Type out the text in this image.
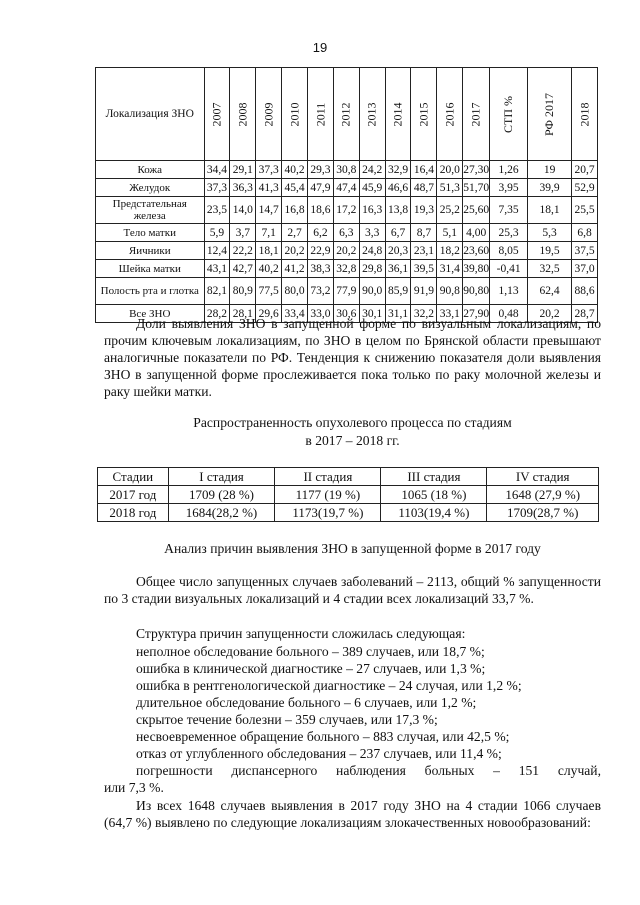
19
Локализация ЗНО	2007	2008	2009	2010	2011	2012	2013	2014	2015	2016	2017	СТП %	РФ 2017	2018
Кожа	34,4	29,1	37,3	40,2	29,3	30,8	24,2	32,9	16,4	20,0	27,30	1,26	19	20,7
Желудок	37,3	36,3	41,3	45,4	47,9	47,4	45,9	46,6	48,7	51,3	51,70	3,95	39,9	52,9
Предстательная железа	23,5	14,0	14,7	16,8	18,6	17,2	16,3	13,8	19,3	25,2	25,60	7,35	18,1	25,5
Тело матки	5,9	3,7	7,1	2,7	6,2	6,3	3,3	6,7	8,7	5,1	4,00	25,3	5,3	6,8
Яичники	12,4	22,2	18,1	20,2	22,9	20,2	24,8	20,3	23,1	18,2	23,60	8,05	19,5	37,5
Шейка матки	43,1	42,7	40,2	41,2	38,3	32,8	29,8	36,1	39,5	31,4	39,80	-0,41	32,5	37,0
Полость рта и глотка	82,1	80,9	77,5	80,0	73,2	77,9	90,0	85,9	91,9	90,8	90,80	1,13	62,4	88,6
Все ЗНО	28,2	28,1	29,6	33,4	33,0	30,6	30,1	31,1	32,2	33,1	27,90	0,48	20,2	28,7
Доли выявления ЗНО в запущенной форме по визуальным локализациям, по прочим ключевым локализациям, по ЗНО в целом по Брянской области превышают аналогичные показатели по РФ. Тенденция к снижению показателя доли выявления ЗНО в запущенной форме прослеживается пока только по раку молочной железы и раку шейки матки.
Распространенность опухолевого процесса по стадиям
в 2017 – 2018 гг.
Стадии	I стадия	II стадия	III стадия	IV стадия
2017 год	1709 (28 %)	1177 (19 %)	1065 (18 %)	1648 (27,9 %)
2018 год	1684(28,2 %)	1173(19,7 %)	1103(19,4 %)	1709(28,7 %)
Анализ причин выявления ЗНО в запущенной форме в 2017 году
Общее число запущенных случаев заболеваний – 2113, общий % запущенности по 3 стадии визуальных локализаций и 4 стадии всех локализаций 33,7 %.
Структура причин запущенности сложилась следующая:
неполное обследование больного – 389 случаев, или 18,7 %;
ошибка в клинической диагностике – 27 случаев, или 1,3 %;
ошибка в рентгенологической диагностике – 24 случая, или 1,2 %;
длительное обследование больного – 6 случаев, или 1,2 %;
скрытое течение болезни – 359 случаев, или 17,3 %;
несвоевременное обращение больного – 883 случая, или 42,5 %;
отказ от углубленного обследования – 237 случаев, или 11,4 %;
погрешности диспансерного наблюдения больных – 151 случай,
или 7,3 %.
Из всех 1648 случаев выявления в 2017 году ЗНО на 4 стадии 1066 случаев (64,7 %) выявлено по следующие локализациям злокачественных новообразований:
